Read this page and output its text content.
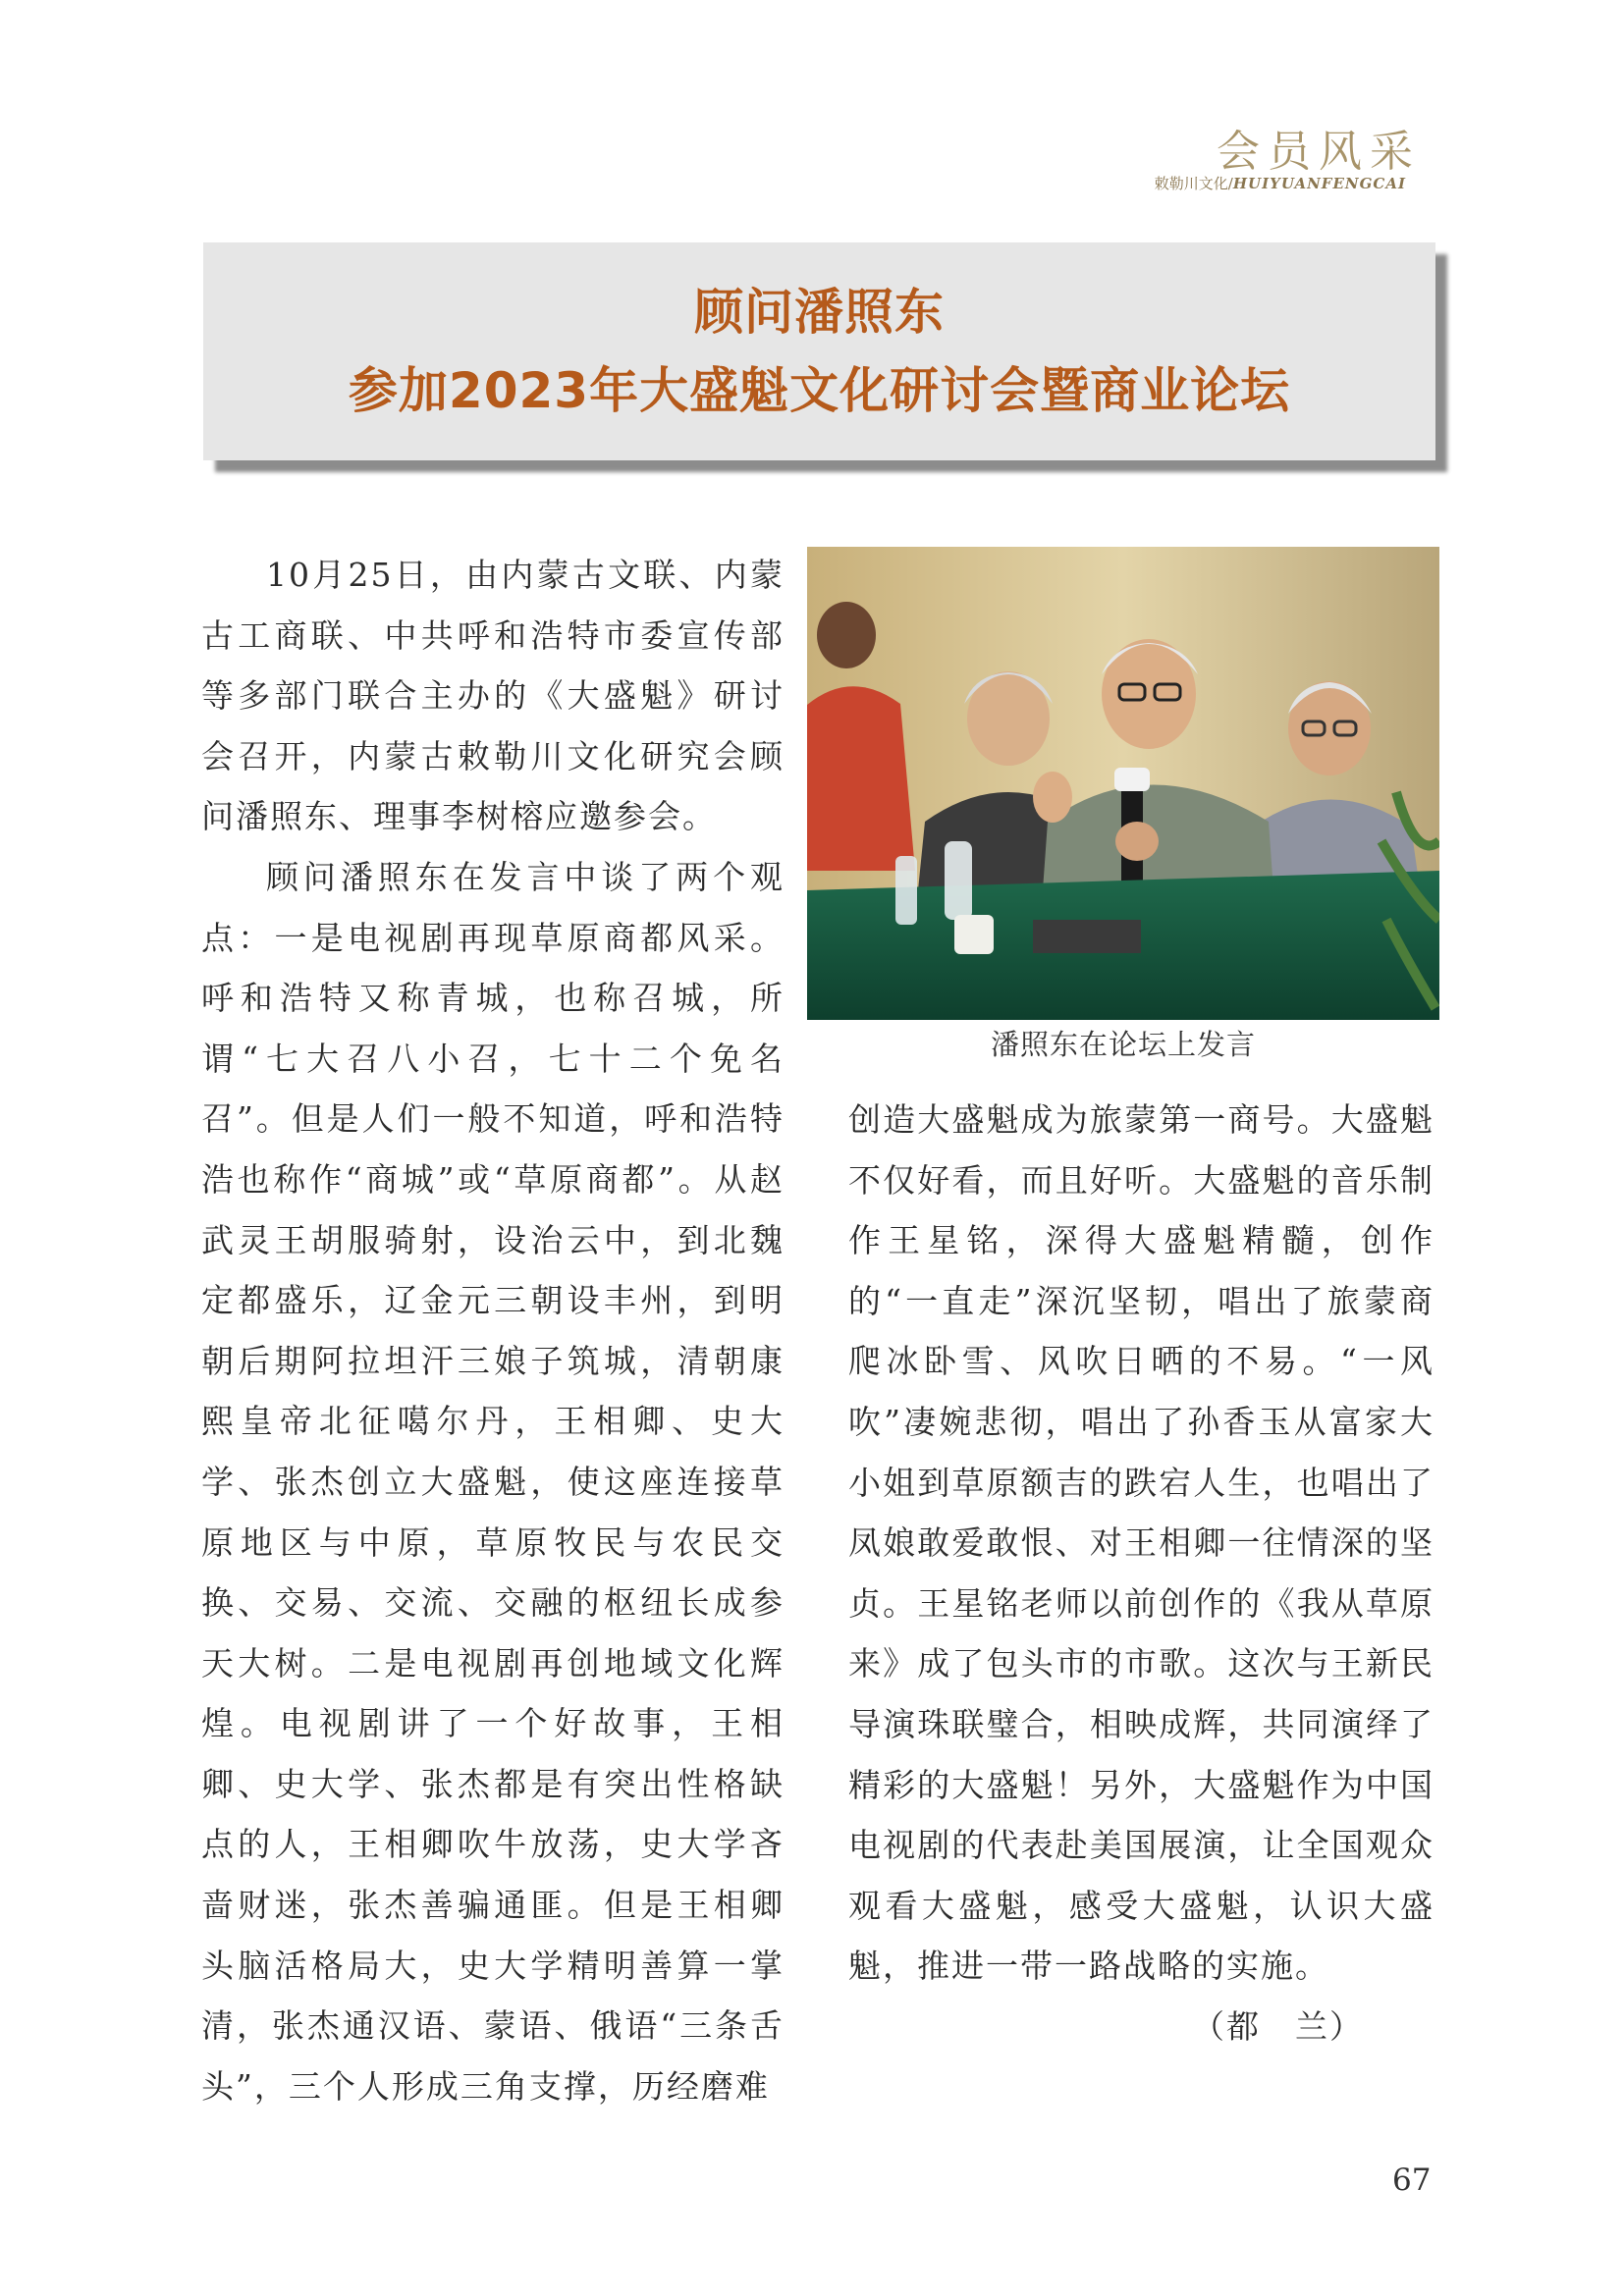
会员风采
敕勒川文化/HUIYUANFENGCAI
顾问潘照东
参加2023年大盛魁文化研讨会暨商业论坛

10月25日，由内蒙古文联、内蒙古工商联、中共呼和浩特市委宣传部等多部门联合主办的《大盛魁》研讨会召开，内蒙古敕勒川文化研究会顾问潘照东、理事李树榕应邀参会。

顾问潘照东在发言中谈了两个观点：一是电视剧再现草原商都风采。呼和浩特又称青城，也称召城，所谓“七大召八小召，七十二个免名召”。但是人们一般不知道，呼和浩特浩也称作“商城”或“草原商都”。从赵武灵王胡服骑射，设治云中，到北魏定都盛乐，辽金元三朝设丰州，到明朝后期阿拉坦汗三娘子筑城，清朝康熙皇帝北征噶尔丹，王相卿、史大学、张杰创立大盛魁，使这座连接草原地区与中原，草原牧民与农民交换、交易、交流、交融的枢纽长成参天大树。二是电视剧再创地域文化辉煌。电视剧讲了一个好故事，王相卿、史大学、张杰都是有突出性格缺点的人，王相卿吹牛放荡，史大学吝啬财迷，张杰善骗通匪。但是王相卿头脑活格局大，史大学精明善算一掌清，张杰通汉语、蒙语、俄语“三条舌头”，三个人形成三角支撑，历经磨难

潘照东在论坛上发言

创造大盛魁成为旅蒙第一商号。大盛魁不仅好看，而且好听。大盛魁的音乐制作王星铭，深得大盛魁精髓，创作的“一直走”深沉坚韧，唱出了旅蒙商爬冰卧雪、风吹日晒的不易。“一风吹”凄婉悲彻，唱出了孙香玉从富家大小姐到草原额吉的跌宕人生，也唱出了凤娘敢爱敢恨、对王相卿一往情深的坚贞。王星铭老师以前创作的《我从草原来》成了包头市的市歌。这次与王新民导演珠联璧合，相映成辉，共同演绎了精彩的大盛魁！另外，大盛魁作为中国电视剧的代表赴美国展演，让全国观众观看大盛魁，感受大盛魁，认识大盛魁，推进一带一路战略的实施。

（都　兰）

67
